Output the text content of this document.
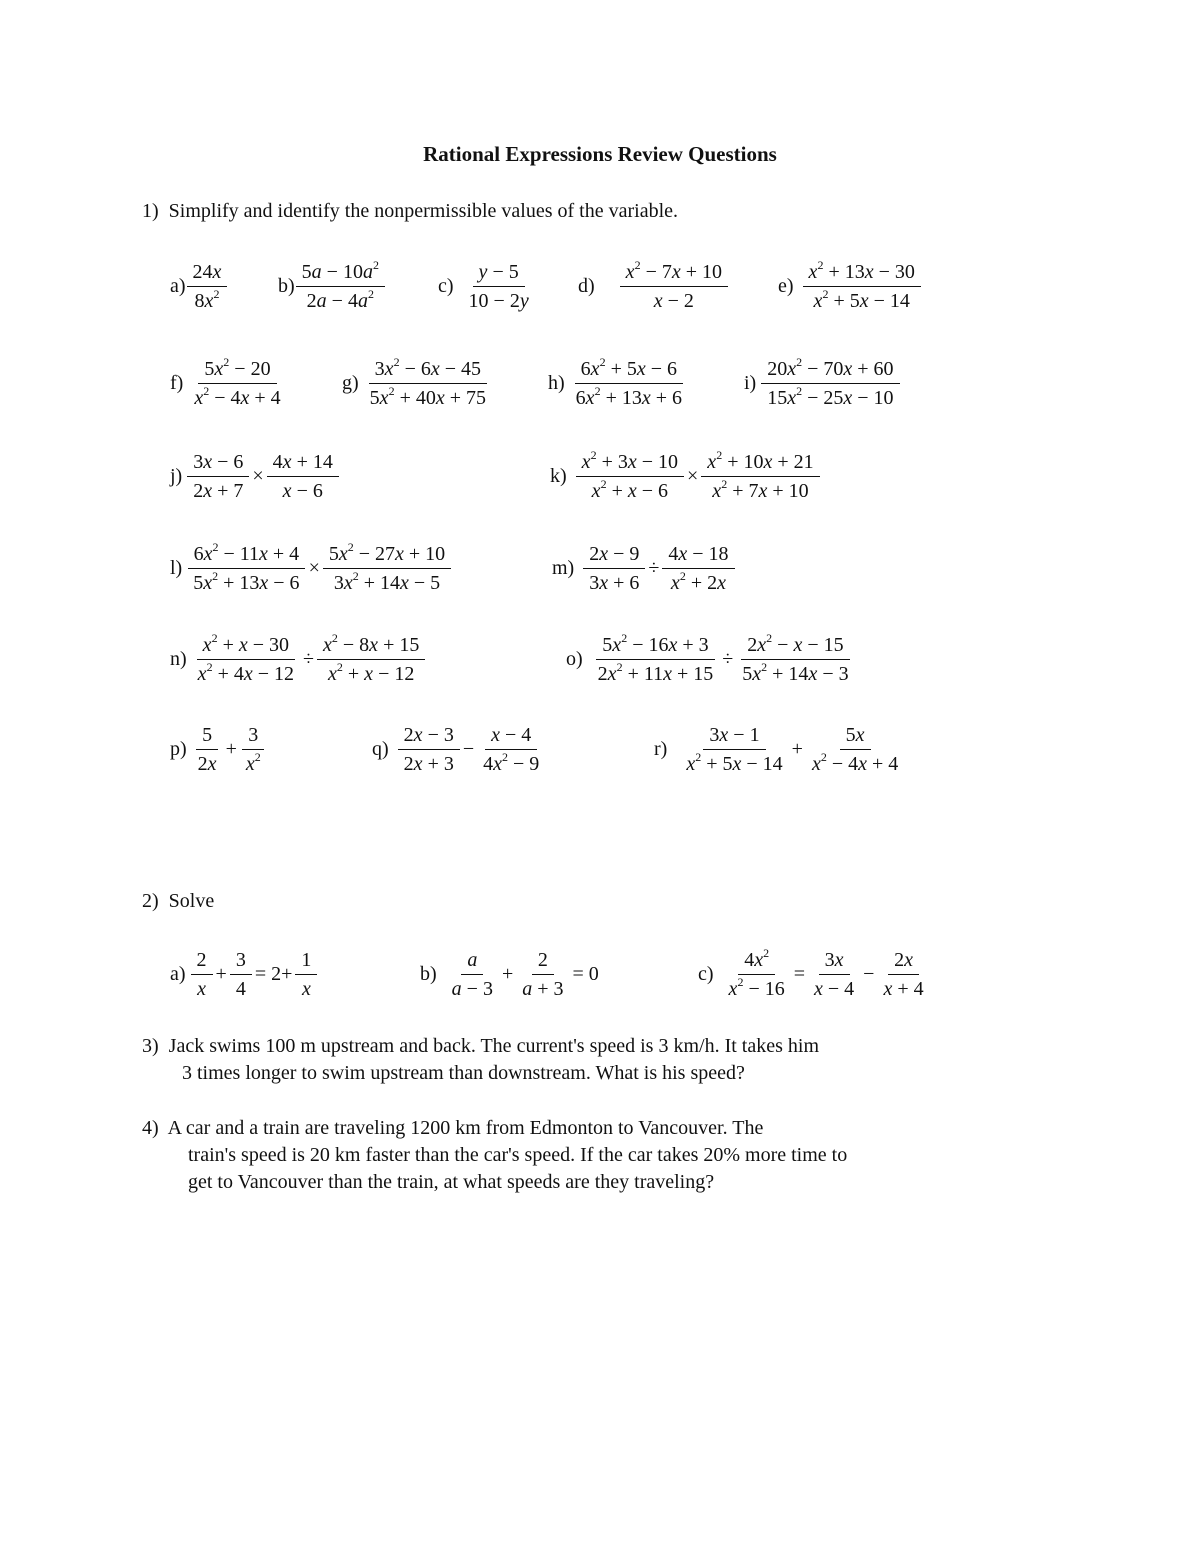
Rational Expressions Review Questions
1) Simplify and identify the nonpermissible values of the variable.
$a) \frac{24x}{8x^2}$	$b) \frac{5a - 10a^2}{2a - 4a^2}$	c)
$\frac{y - 5}{10 - 2y} d$)
$\frac{x^2 - 7x + 10}{x - 2} e$)
$\frac{x^2 + 13x - 30}{x^2 + 5x - 14}$
f)
$\frac{5x^2 - 20}{x^2 - 4x + 4}$	g)
$\frac{3x^2 - 6x - 45}{5x^2 + 40x + 75}$	h)
$\frac{6x^2 + 5x - 6}{6x^2 + 13x + 6}$	i)
$\frac{20x^2 - 70x + 60}{15x^2 - 25x - 10}$
j)
$\frac{3x - 6}{2x + 7} \times \frac{4x + 14}{x - 6}$	k)
$\frac{x^2 + 3x - 10}{x^2 + x - 6} \times \frac{x^2 + 10x + 21}{x^2 + 7x + 10}$
l)
$\frac{6x^2 - 11x + 4}{5x^2 + 13x - 6} \times \frac{5x^2 - 27x + 10}{3x^2 + 14x - 5}$	m)
$\frac{2x - 9}{3x + 6} \div \frac{4x - 18}{x^2 + 2x}$
n)
$\frac{x^2 + x - 30}{x^2 + 4x - 12} \div \frac{x^2 - 8x + 15}{x^2 + x - 12}$	o)
$\frac{5x^2 - 16x + 3}{2x^2 + 11x + 15} \div \frac{2x^2 - x - 15}{5x^2 + 14x - 3}$
p)
$\frac{5}{2x} + \frac{3}{x^2}$	q)
$\frac{2x - 3}{2x + 3} - \frac{x - 4}{4x^2 - 9}$	r)
$\frac{3x - 1}{x^2 + 5x - 14} + \frac{5x}{x^2 - 4x + 4}$
2) Solve
a)
$\frac{2}{x} + \frac{3}{4} = 2+ \frac{1}{x}$	b)
$\frac{a}{a - 3} + \frac{2}{a + 3} = 0$	c)
$\frac{4x^2}{x^2 - 16} = \frac{3x}{x - 4} - \frac{2x}{x + 4}$
3) Jack swims 100 m upstream and back. The current's speed is 3 km/h. It takes him
3 times longer to swim upstream than downstream. What is his speed?
4) A car and a train are traveling 1200 km from Edmonton to Vancouver. The
train's speed is 20 km faster than the car's speed. If the car takes 20% more time to
get to Vancouver than the train, at what speeds are they traveling?
